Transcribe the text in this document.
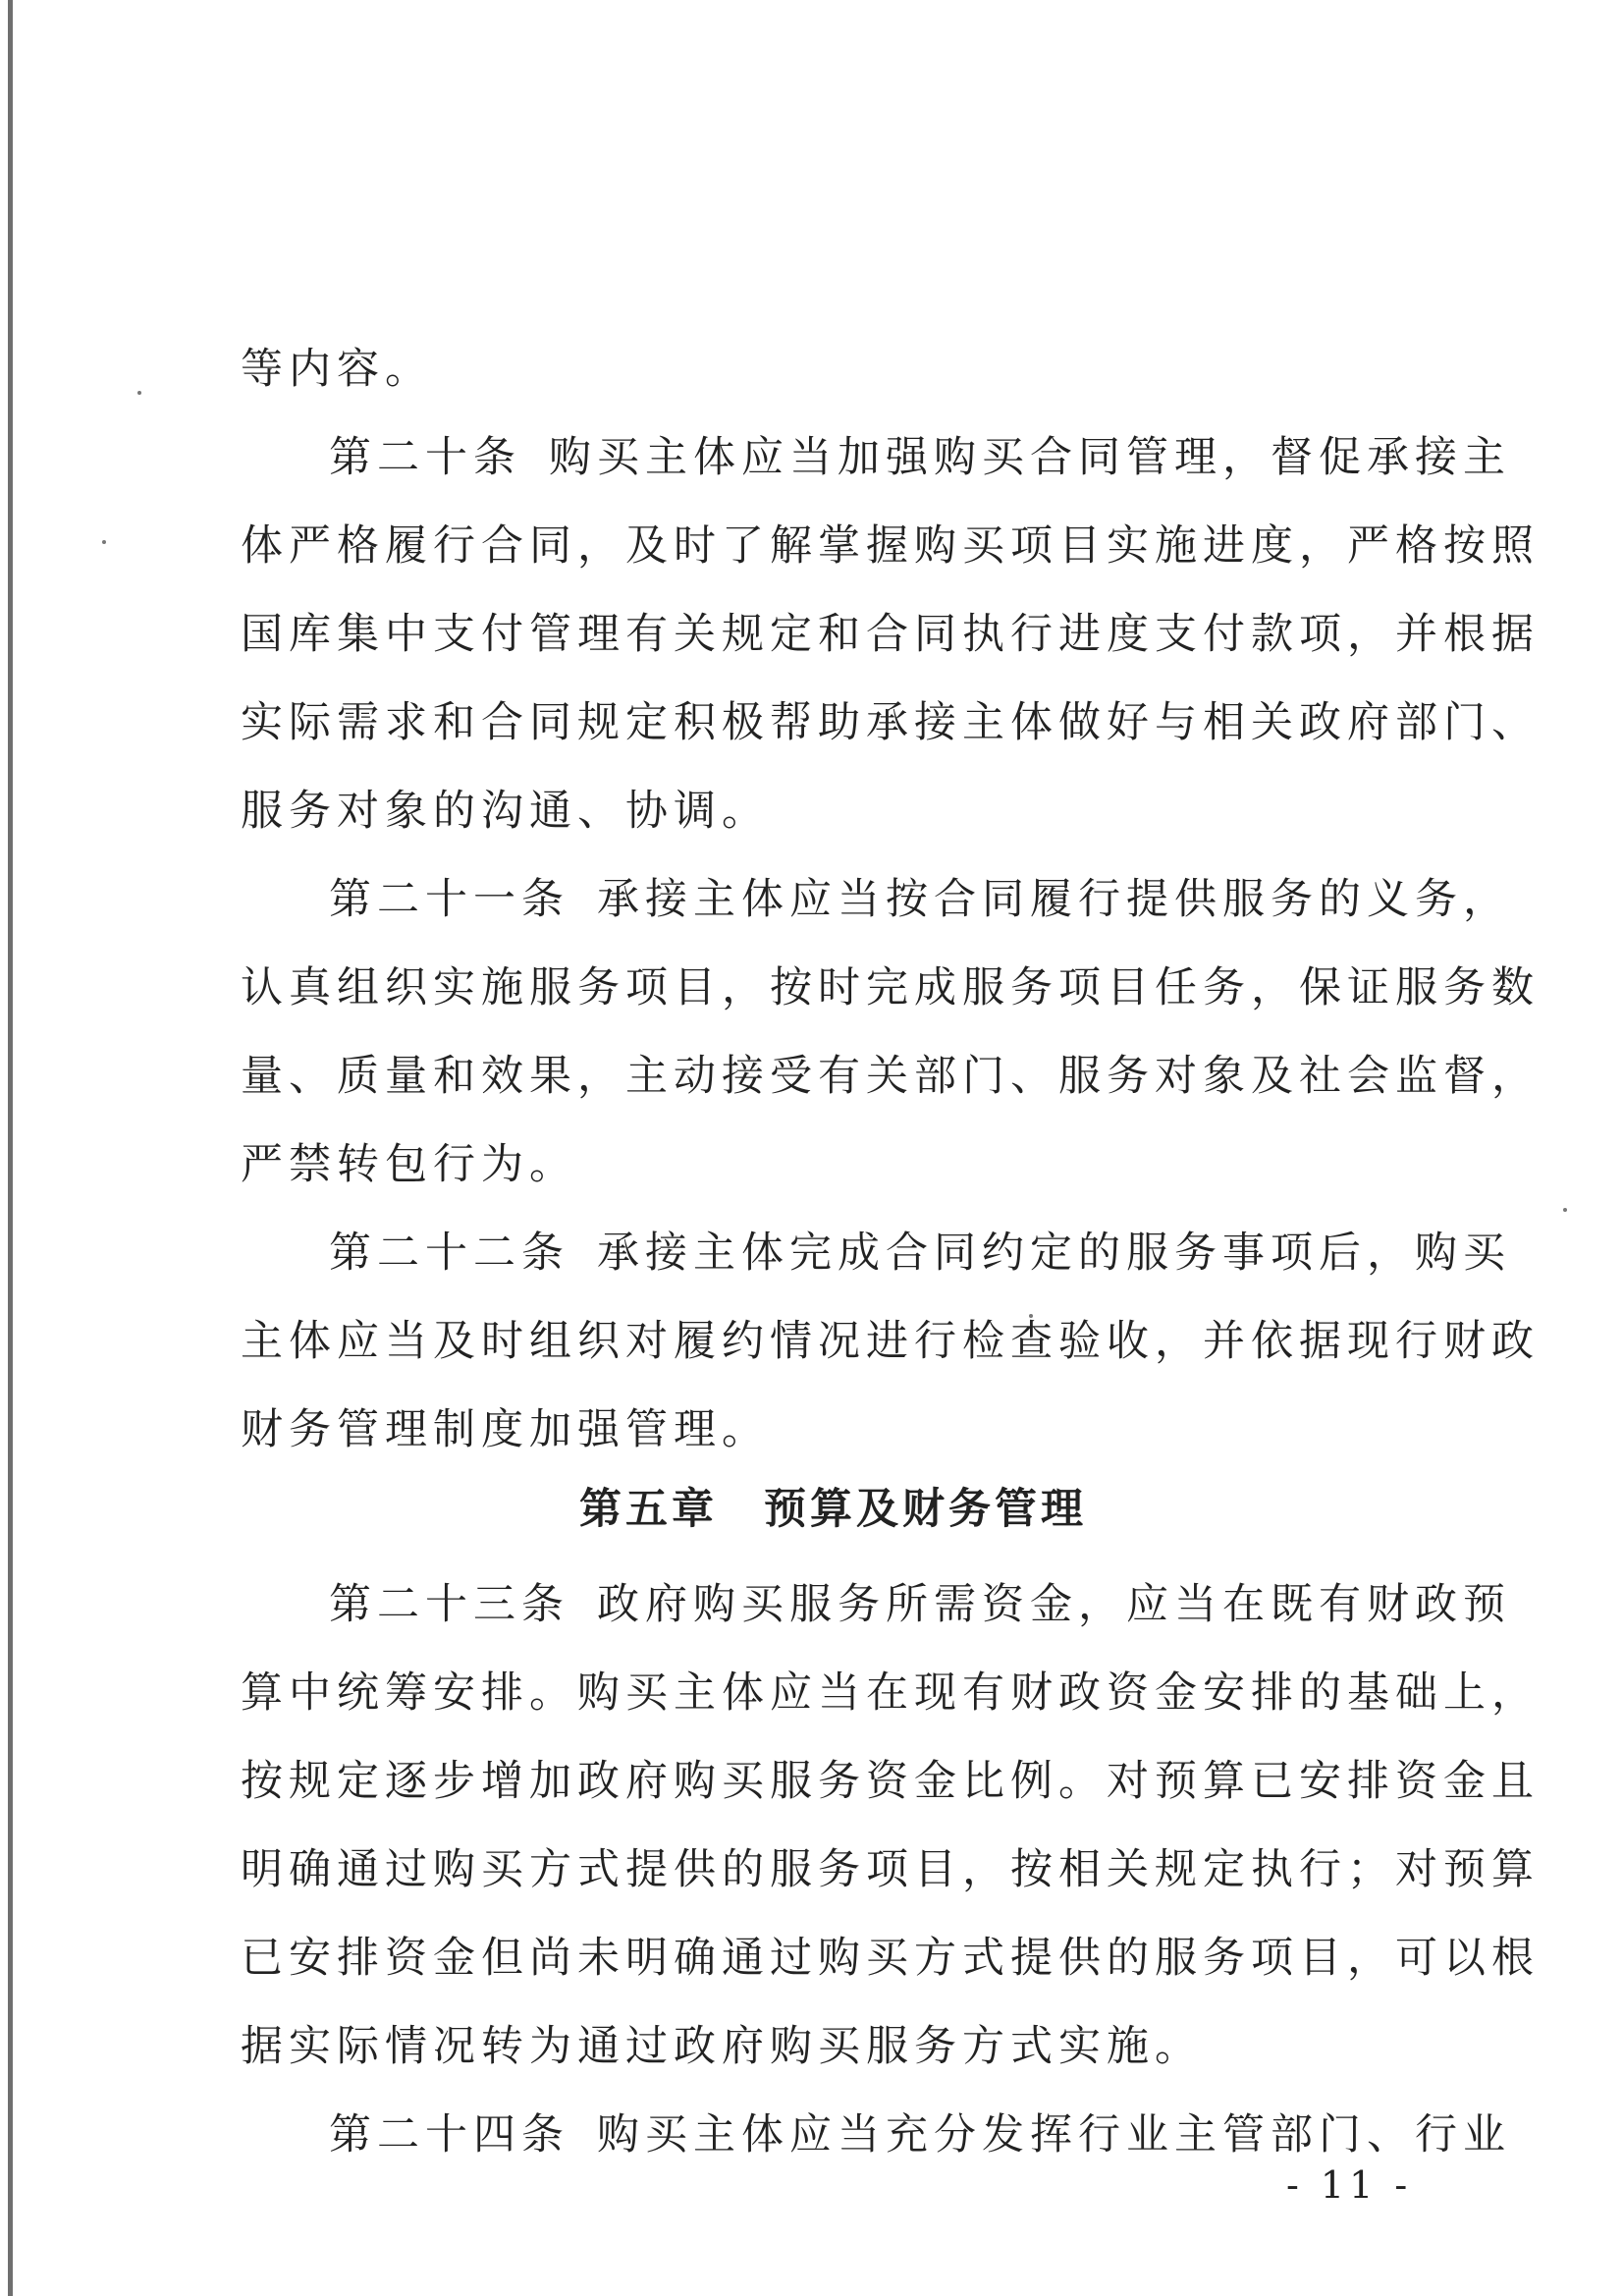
等内容。

第二十条 购买主体应当加强购买合同管理，督促承接主

体严格履行合同，及时了解掌握购买项目实施进度，严格按照

国库集中支付管理有关规定和合同执行进度支付款项，并根据

实际需求和合同规定积极帮助承接主体做好与相关政府部门、

服务对象的沟通、协调。

第二十一条 承接主体应当按合同履行提供服务的义务，

认真组织实施服务项目，按时完成服务项目任务，保证服务数

量、质量和效果，主动接受有关部门、服务对象及社会监督，

严禁转包行为。

第二十二条 承接主体完成合同约定的服务事项后，购买

主体应当及时组织对履约情况进行检查验收，并依据现行财政

财务管理制度加强管理。

第五章　预算及财务管理

第二十三条 政府购买服务所需资金，应当在既有财政预

算中统筹安排。购买主体应当在现有财政资金安排的基础上，

按规定逐步增加政府购买服务资金比例。对预算已安排资金且

明确通过购买方式提供的服务项目，按相关规定执行；对预算

已安排资金但尚未明确通过购买方式提供的服务项目，可以根

据实际情况转为通过政府购买服务方式实施。

第二十四条 购买主体应当充分发挥行业主管部门、行业

- 11 -
